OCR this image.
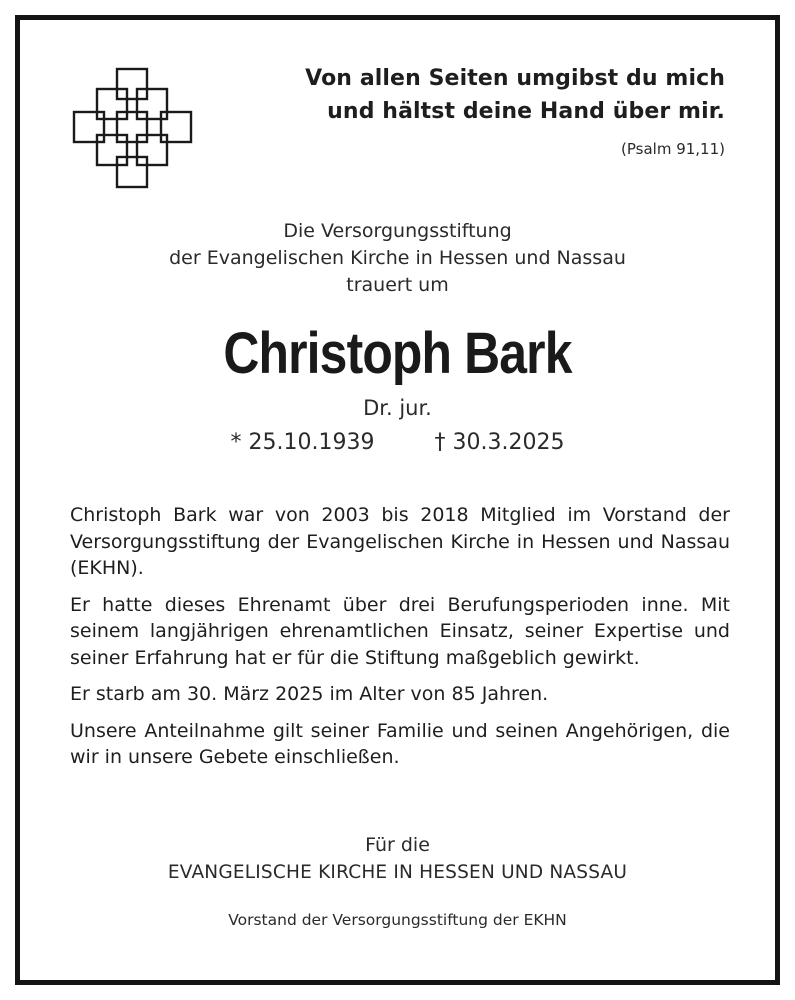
Von allen Seiten umgibst du mich
und hältst deine Hand über mir.
(Psalm 91,11)
Die Versorgungsstiftung
der Evangelischen Kirche in Hessen und Nassau
trauert um
Christoph Bark
Dr. jur.
* 25.10.1939	† 30.3.2025

Christoph Bark war von 2003 bis 2018 Mitglied im Vorstand der Versorgungsstiftung der Evangelischen Kirche in Hessen und Nassau (EKHN).

Er hatte dieses Ehrenamt über drei Berufungsperioden inne. Mit seinem langjährigen ehrenamtlichen Einsatz, seiner Expertise und seiner Erfahrung hat er für die Stiftung maßgeblich gewirkt.

Er starb am 30. März 2025 im Alter von 85 Jahren.

Unsere Anteilnahme gilt seiner Familie und seinen Angehörigen, die wir in unsere Gebete einschließen.

Für die
EVANGELISCHE KIRCHE IN HESSEN UND NASSAU
Vorstand der Versorgungsstiftung der EKHN
